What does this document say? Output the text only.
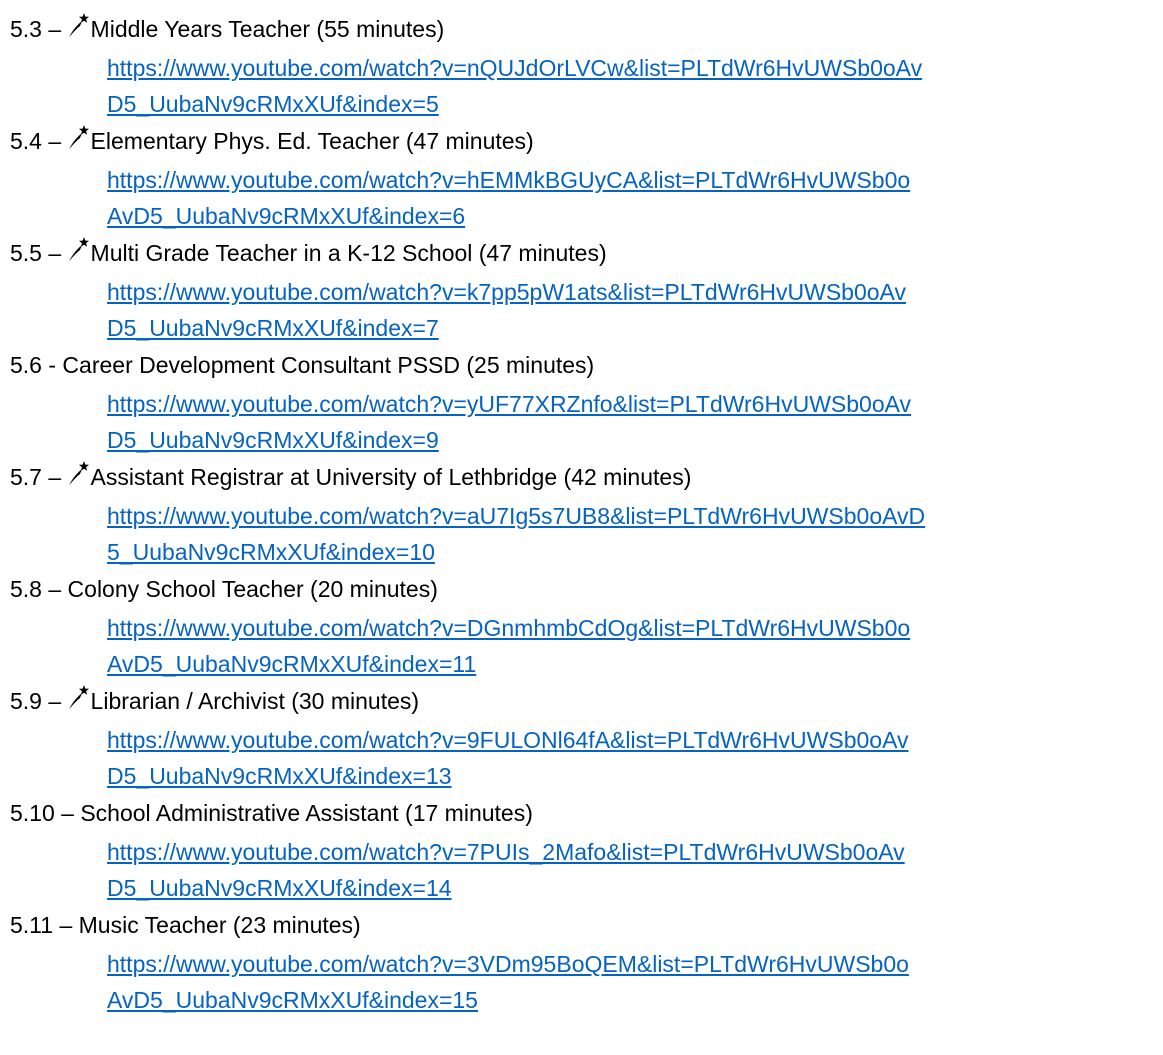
5.3 – Middle Years Teacher (55 minutes)
https://www.youtube.com/watch?v=nQUJdOrLVCw&list=PLTdWr6HvUWSb0oAv
D5_UubaNv9cRMxXUf&index=5
5.4 – Elementary Phys. Ed. Teacher (47 minutes)
https://www.youtube.com/watch?v=hEMMkBGUyCA&list=PLTdWr6HvUWSb0o
AvD5_UubaNv9cRMxXUf&index=6
5.5 – Multi Grade Teacher in a K-12 School (47 minutes)
https://www.youtube.com/watch?v=k7pp5pW1ats&list=PLTdWr6HvUWSb0oAv
D5_UubaNv9cRMxXUf&index=7
5.6 - Career Development Consultant PSSD (25 minutes)
https://www.youtube.com/watch?v=yUF77XRZnfo&list=PLTdWr6HvUWSb0oAv
D5_UubaNv9cRMxXUf&index=9
5.7 – Assistant Registrar at University of Lethbridge (42 minutes)
https://www.youtube.com/watch?v=aU7Ig5s7UB8&list=PLTdWr6HvUWSb0oAvD
5_UubaNv9cRMxXUf&index=10
5.8 – Colony School Teacher (20 minutes)
https://www.youtube.com/watch?v=DGnmhmbCdOg&list=PLTdWr6HvUWSb0o
AvD5_UubaNv9cRMxXUf&index=11
5.9 – Librarian / Archivist (30 minutes)
https://www.youtube.com/watch?v=9FULONl64fA&list=PLTdWr6HvUWSb0oAv
D5_UubaNv9cRMxXUf&index=13
5.10 – School Administrative Assistant (17 minutes)
https://www.youtube.com/watch?v=7PUIs_2Mafo&list=PLTdWr6HvUWSb0oAv
D5_UubaNv9cRMxXUf&index=14
5.11 – Music Teacher (23 minutes)
https://www.youtube.com/watch?v=3VDm95BoQEM&list=PLTdWr6HvUWSb0o
AvD5_UubaNv9cRMxXUf&index=15
